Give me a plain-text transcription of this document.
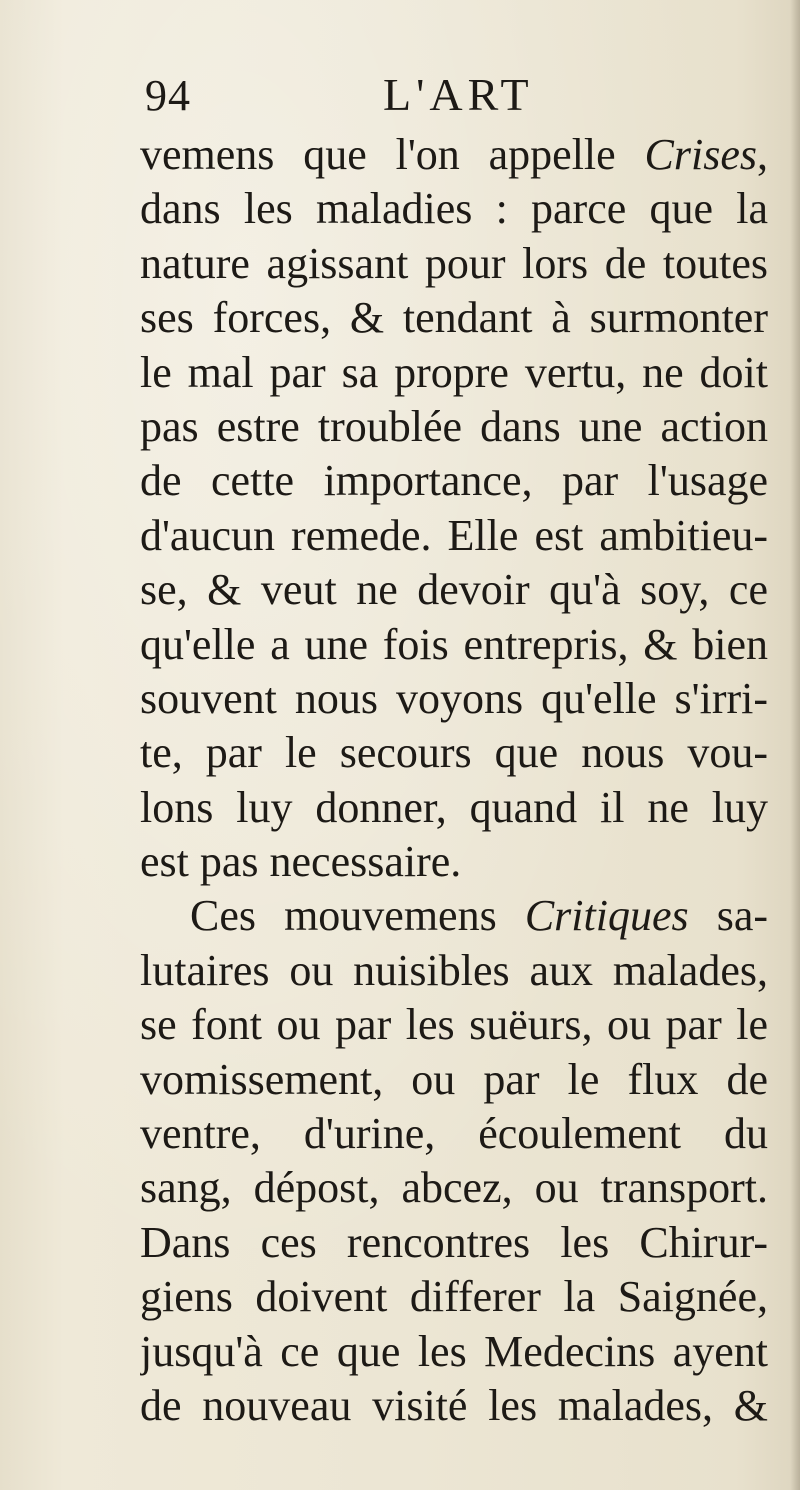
94	L'ART
vemens que l'on appelle Crises,
dans les maladies : parce que la
nature agissant pour lors de toutes
ses forces, & tendant à surmonter
le mal par sa propre vertu, ne doit
pas estre troublée dans une action
de cette importance, par l'usage
d'aucun remede. Elle est ambitieu-
se, & veut ne devoir qu'à soy, ce
qu'elle a une fois entrepris, & bien
souvent nous voyons qu'elle s'irri-
te, par le secours que nous vou-
lons luy donner, quand il ne luy
est pas necessaire.
Ces mouvemens Critiques sa-
lutaires ou nuisibles aux malades,
se font ou par les suëurs, ou par le
vomissement, ou par le flux de
ventre, d'urine, écoulement du
sang, dépost, abcez, ou transport.
Dans ces rencontres les Chirur-
giens doivent differer la Saignée,
jusqu'à ce que les Medecins ayent
de nouveau visité les malades, &
